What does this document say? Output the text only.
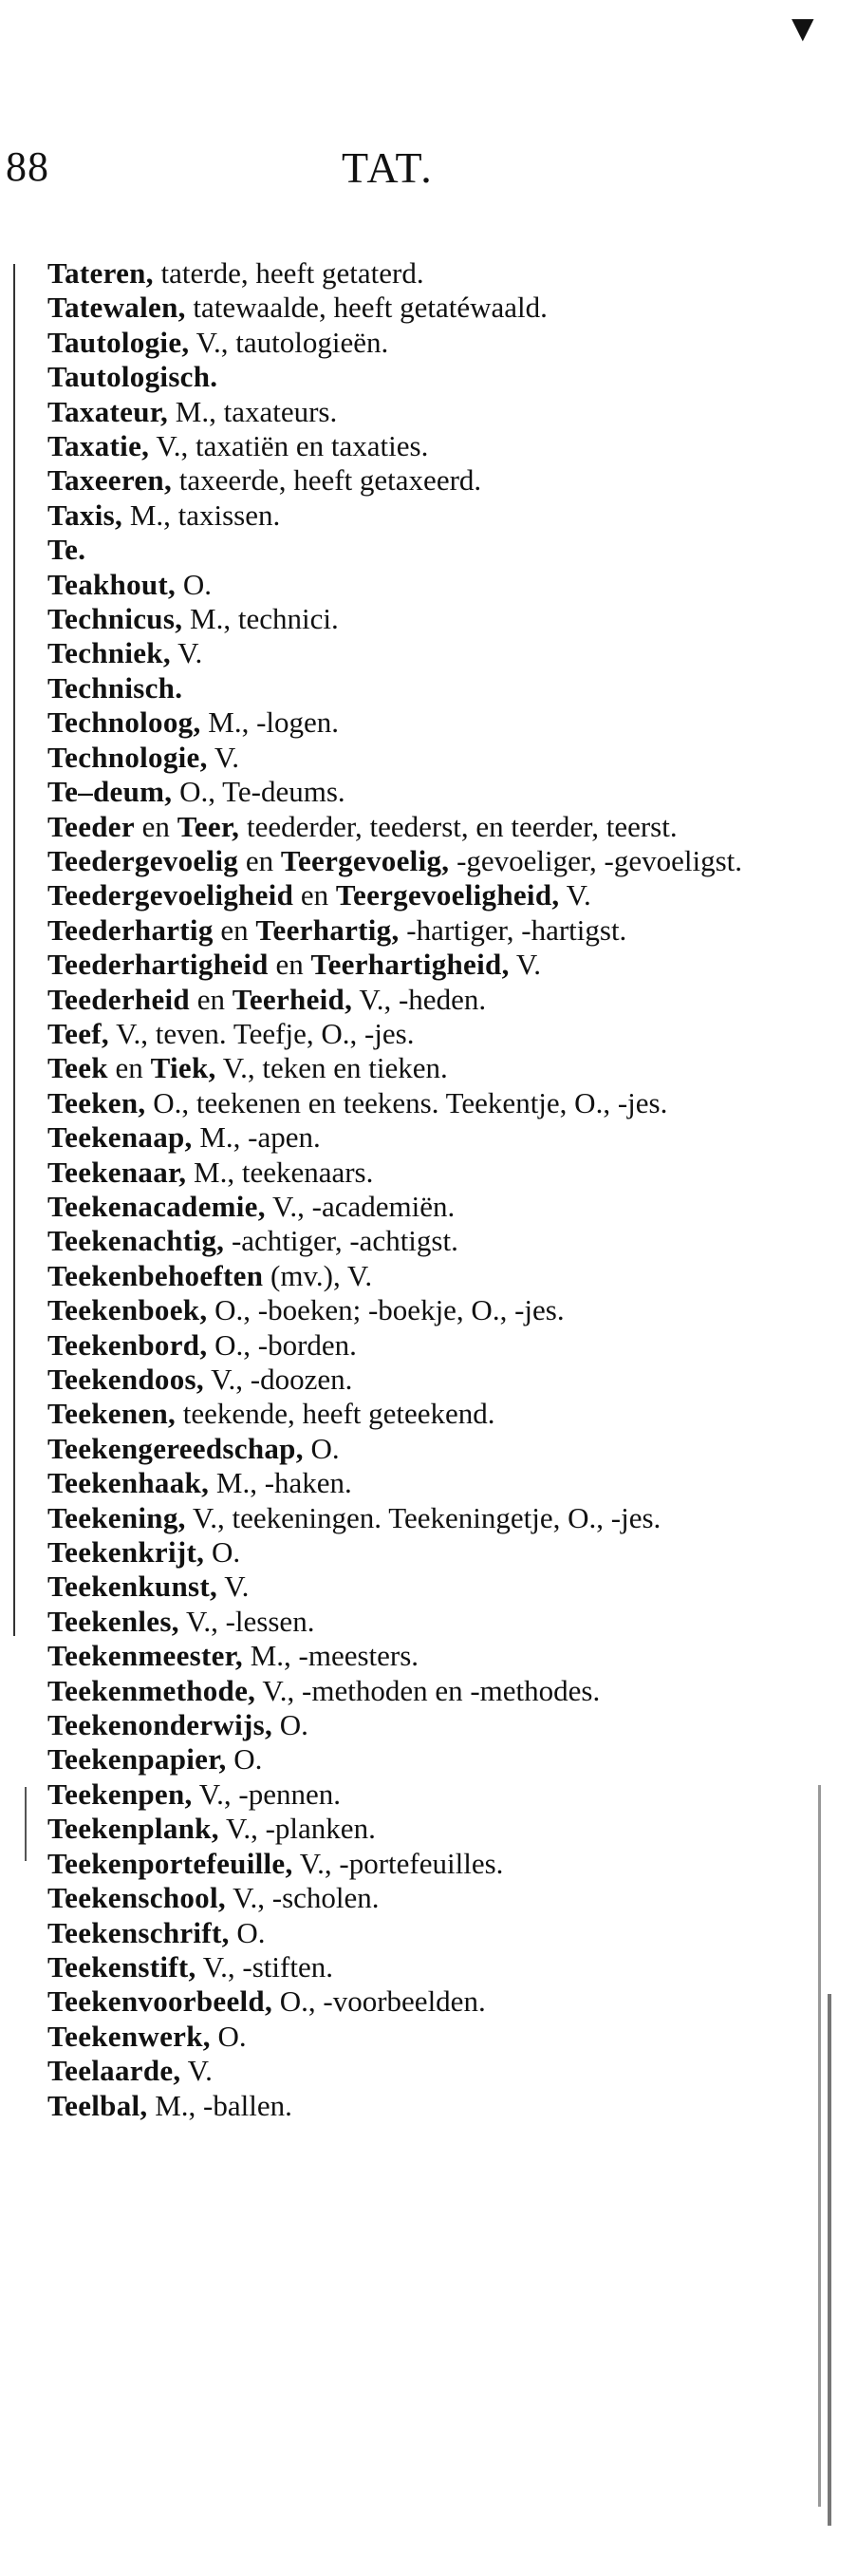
▼
88	TAT.
Tateren, taterde, heeft getaterd.
Tatewalen, tatewaalde, heeft getatéwaald.
Tautologie, V., tautologieën.
Tautologisch.
Taxateur, M., taxateurs.
Taxatie, V., taxatiën en taxaties.
Taxeeren, taxeerde, heeft getaxeerd.
Taxis, M., taxissen.
Te.
Teakhout, O.
Technicus, M., technici.
Techniek, V.
Technisch.
Technoloog, M., -logen.
Technologie, V.
Te–deum, O., Te-deums.
Teeder en Teer, teederder, teederst, en teerder, teerst.
Teedergevoelig en Teergevoelig, -gevoeliger, -gevoeligst.
Teedergevoeligheid en Teergevoeligheid, V.
Teederhartig en Teerhartig, -hartiger, -hartigst.
Teederhartigheid en Teerhartigheid, V.
Teederheid en Teerheid, V., -heden.
Teef, V., teven. Teefje, O., -jes.
Teek en Tiek, V., teken en tieken.
Teeken, O., teekenen en teekens. Teekentje, O., -jes.
Teekenaap, M., -apen.
Teekenaar, M., teekenaars.
Teekenacademie, V., -academiën.
Teekenachtig, -achtiger, -achtigst.
Teekenbehoeften (mv.), V.
Teekenboek, O., -boeken; -boekje, O., -jes.
Teekenbord, O., -borden.
Teekendoos, V., -doozen.
Teekenen, teekende, heeft geteekend.
Teekengereedschap, O.
Teekenhaak, M., -haken.
Teekening, V., teekeningen. Teekeningetje, O., -jes.
Teekenkrijt, O.
Teekenkunst, V.
Teekenles, V., -lessen.
Teekenmeester, M., -meesters.
Teekenmethode, V., -methoden en -methodes.
Teekenonderwijs, O.
Teekenpapier, O.
Teekenpen, V., -pennen.
Teekenplank, V., -planken.
Teekenportefeuille, V., -portefeuilles.
Teekenschool, V., -scholen.
Teekenschrift, O.
Teekenstift, V., -stiften.
Teekenvoorbeeld, O., -voorbeelden.
Teekenwerk, O.
Teelaarde, V.
Teelbal, M., -ballen.
